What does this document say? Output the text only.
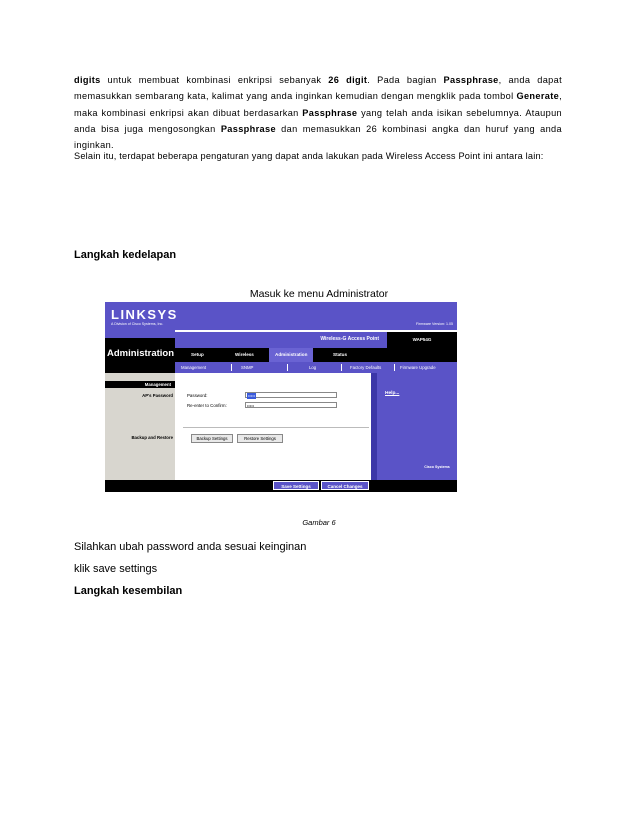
digits untuk membuat kombinasi enkripsi sebanyak 26 digit. Pada bagian Passphrase, anda dapat memasukkan sembarang kata, kalimat yang anda inginkan kemudian dengan mengklik pada tombol Generate, maka kombinasi enkripsi akan dibuat berdasarkan Passphrase yang telah anda isikan sebelumnya. Ataupun anda bisa juga mengosongkan Passphrase dan memasukkan 26 kombinasi angka dan huruf yang anda inginkan.
Selain itu, terdapat beberapa pengaturan yang dapat anda lakukan pada Wireless Access Point ini antara lain:
Langkah kedelapan
Masuk ke menu Administrator
LINKSYS
A Division of Cisco Systems, Inc.	Firmware Version: 1.05
Wireless-G Access Point	WAP54G
Administration	Setup	Wireless	Administration	Status
Management	SNMP	Log	Factory Defaults	Firmware Upgrade
Management
AP's Password
Backup and Restore
Password:	•••••
Re-enter to Confirm:	•••••
Backup Settings	Restore Settings
Help...
Cisco Systems
Save Settings	Cancel Changes
Gambar 6
Silahkan ubah password anda sesuai keinginan
klik save settings
Langkah kesembilan
